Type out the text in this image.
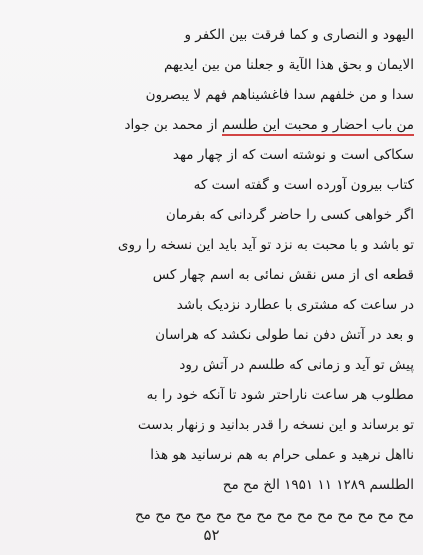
الیهود و النصاری و کما فرقت بین الکفر و
الایمان و بحق هذا الآیة و جعلنا من بین ایدیهم
سدا و من خلفهم سدا فاغشیناهم فهم لا یبصرون
من باب احضار و محبت این طلسم از محمد بن جواد
سکاکی است و نوشته است که از چهار مهد
کتاب بیرون آورده است و گفته است که
اگر خواهی کسی را حاضر گردانی که بفرمان
تو باشد و با محبت به نزد تو آید باید این نسخه را روی
قطعه ای از مس نقش نمائی به اسم چهار کس
در ساعت که مشتری با عطارد نزدیک باشد
و بعد در آتش دفن نما طولی نکشد که هراسان
پیش تو آید و زمانی که طلسم در آتش رود
مطلوب هر ساعت ناراحتر شود تا آنکه خود را به
تو برساند و این نسخه را قدر بدانید و زنهار بدست
نااهل نرهید و عملی حرام به هم نرسانید هو هذا
الطلسم ۱۲۸۹ ۱۱ ۱۹۵۱ الخ مح مح
مح مح مح مح مح مح مح مح مح مح مح مح مح مح
۵۲
